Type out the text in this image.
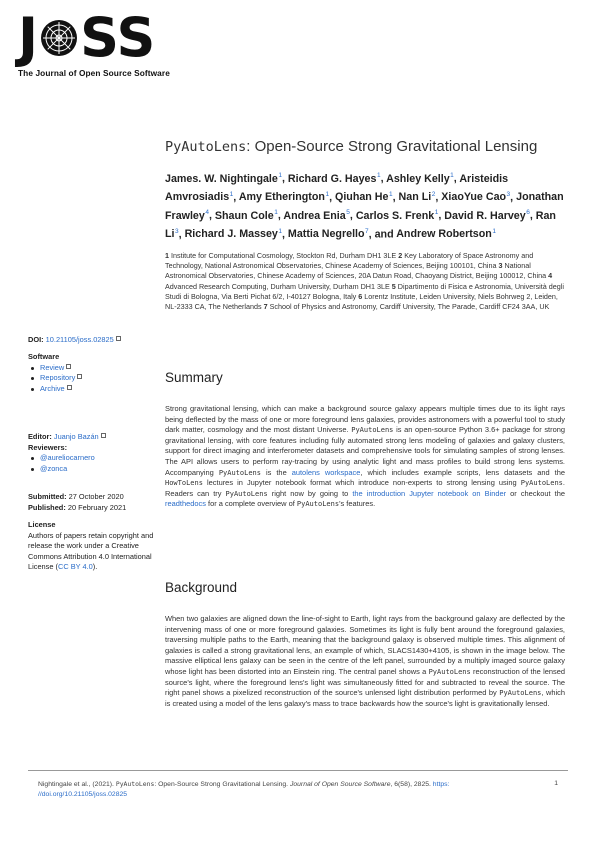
J SS
The Journal of Open Source Software
PyAutoLens: Open-Source Strong Gravitational Lensing
James. W. Nightingale$^1$, Richard G. Hayes$^1$, Ashley Kelly$^1$, Aristeidis Amvrosiadis$^1$, Amy Etherington$^1$, Qiuhan He$^1$, Nan Li$^2$, XiaoYue Cao$^3$, Jonathan Frawley$^4$, Shaun Cole$^1$, Andrea Enia$^5$, Carlos S. Frenk$^1$, David R. Harvey$^6$, Ran Li$^3$, Richard J. Massey$^1$, Mattia Negrello$^7$, and Andrew Robertson$^1$
1 Institute for Computational Cosmology, Stockton Rd, Durham DH1 3LE 2 Key Laboratory of Space Astronomy and Technology, National Astronomical Observatories, Chinese Academy of Sciences, Beijing 100101, China 3 National Astronomical Observatories, Chinese Academy of Sciences, 20A Datun Road, Chaoyang District, Beijing 100012, China 4 Advanced Research Computing, Durham University, Durham DH1 3LE 5 Dipartimento di Fisica e Astronomia, Università degli Studi di Bologna, Via Berti Pichat 6/2, I-40127 Bologna, Italy 6 Lorentz Institute, Leiden University, Niels Bohrweg 2, Leiden, NL-2333 CA, The Netherlands 7 School of Physics and Astronomy, Cardiff University, The Parade, Cardiff CF24 3AA, UK
DOI: 10.21105/joss.02825
Software
Review
Repository
Archive
Editor: Juanjo Bazán
Reviewers:
@aureliocarnero
@zonca
Submitted: 27 October 2020
Published: 20 February 2021
License
Authors of papers retain copyright and release the work under a Creative Commons Attribution 4.0 International License (CC BY 4.0).
Summary
Strong gravitational lensing, which can make a background source galaxy appears multiple times due to its light rays being deflected by the mass of one or more foreground lens galaxies, provides astronomers with a powerful tool to study dark matter, cosmology and the most distant Universe. PyAutoLens is an open-source Python 3.6+ package for strong gravitational lensing, with core features including fully automated strong lens modeling of galaxies and galaxy clusters, support for direct imaging and interferometer datasets and comprehensive tools for simulating samples of strong lenses. The API allows users to perform ray-tracing by using analytic light and mass profiles to build strong lens systems. Accompanying PyAutoLens is the autolens workspace, which includes example scripts, lens datasets and the HowToLens lectures in Jupyter notebook format which introduce non-experts to strong lensing using PyAutoLens. Readers can try PyAutoLens right now by going to the introduction Jupyter notebook on Binder or checkout the readthedocs for a complete overview of PyAutoLens's features.
Background
When two galaxies are aligned down the line-of-sight to Earth, light rays from the background galaxy are deflected by the intervening mass of one or more foreground galaxies. Sometimes its light is fully bent around the foreground galaxies, traversing multiple paths to the Earth, meaning that the background galaxy is observed multiple times. This alignment of galaxies is called a strong gravitational lens, an example of which, SLACS1430+4105, is shown in the image below. The massive elliptical lens galaxy can be seen in the centre of the left panel, surrounded by a multiply imaged source galaxy whose light has been distorted into an Einstein ring. The central panel shows a PyAutoLens reconstruction of the lensed source's light, where the foreground lens's light was simultaneously fitted for and subtracted to reveal the source. The right panel shows a pixelized reconstruction of the source's unlensed light distribution performed by PyAutoLens, which is created using a model of the lens galaxy's mass to trace backwards how the source's light is gravitationally lensed.
Nightingale et al., (2021). PyAutoLens: Open-Source Strong Gravitational Lensing. Journal of Open Source Software, 6(58), 2825. https:
//doi.org/10.21105/joss.02825
1
